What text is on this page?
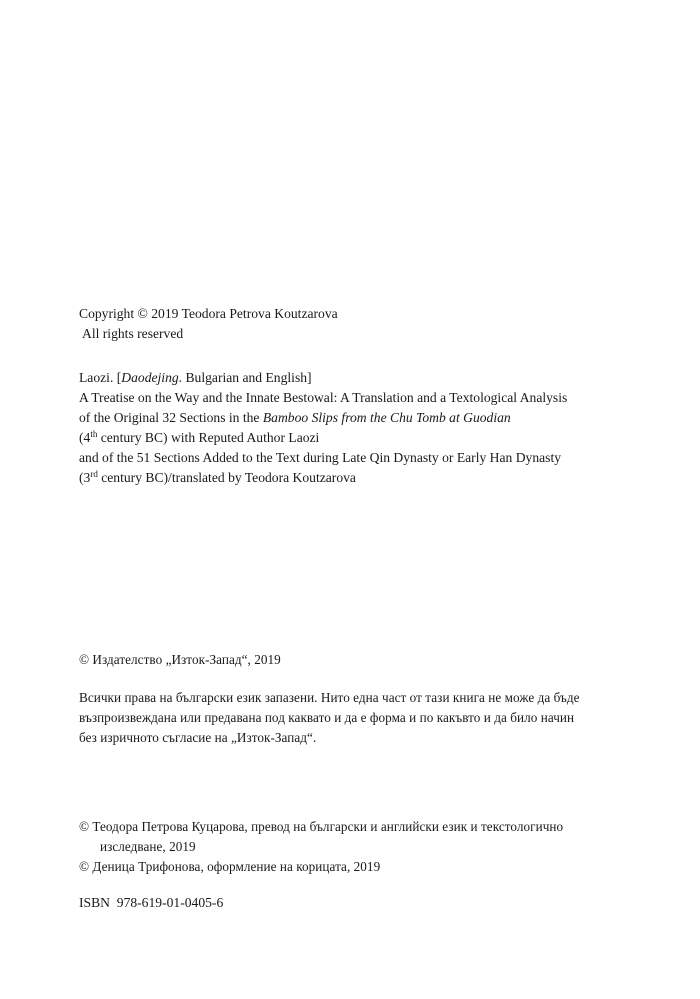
Copyright © 2019 Teodora Petrova Koutzarova
All rights reserved
Laozi. [Daodejing. Bulgarian and English]
A Treatise on the Way and the Innate Bestowal: A Translation and a Textological Analysis
of the Original 32 Sections in the Bamboo Slips from the Chu Tomb at Guodian
(4th century BC) with Reputed Author Laozi
and of the 51 Sections Added to the Text during Late Qin Dynasty or Early Han Dynasty
(3rd century BC)/translated by Teodora Koutzarova
© Издателство „Изток-Запад“, 2019
Всички права на български език запазени. Нито една част от тази книга не може да бъде
възпроизвеждана или предавана под каквато и да е форма и по какъвто и да било начин
без изричното съгласие на „Изток-Запад“.
© Теодора Петрова Куцарова, превод на български и английски език и текстологично
изследване, 2019
© Деница Трифонова, оформление на корицата, 2019
ISBN  978-619-01-0405-6
